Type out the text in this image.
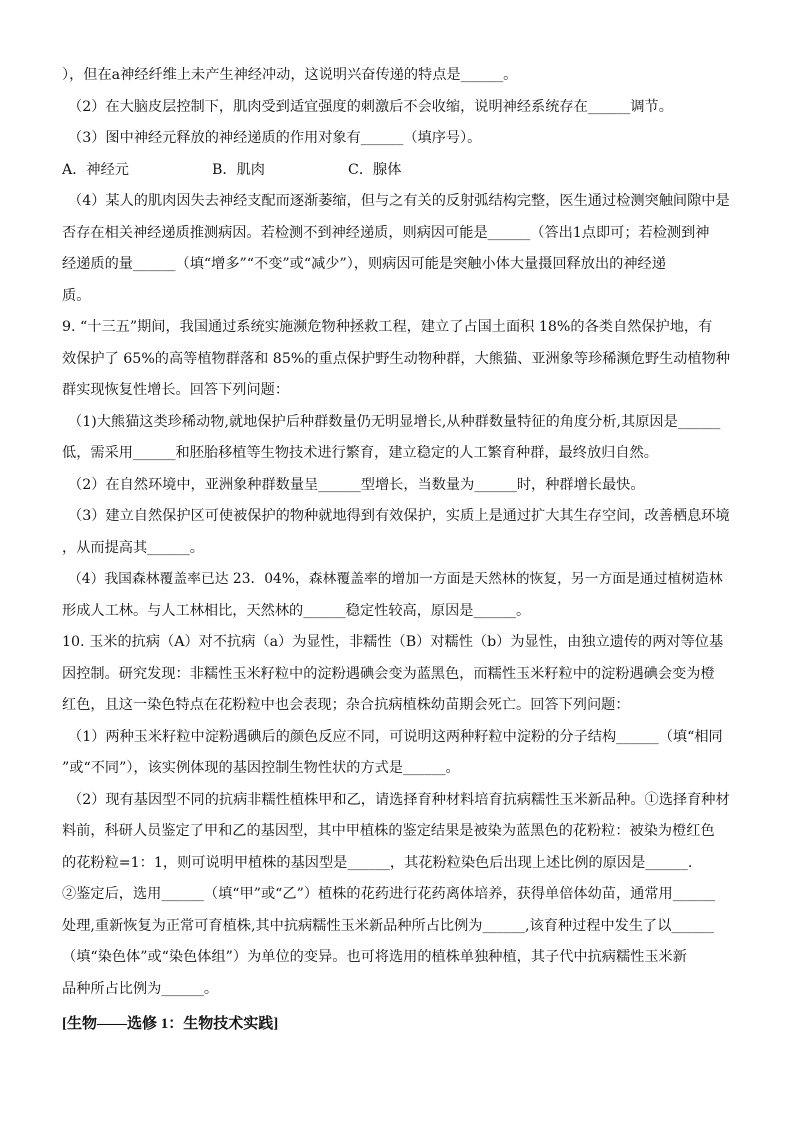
），但在a神经纤维上未产生神经冲动，这说明兴奋传递的特点是______。
（2）在大脑皮层控制下，肌肉受到适宜强度的刺激后不会收缩，说明神经系统存在______调节。
（3）图中神经元释放的神经递质的作用对象有______（填序号）。
A．神经元	B．肌肉	C．腺体
（4）某人的肌肉因失去神经支配而逐渐萎缩，但与之有关的反射弧结构完整，医生通过检测突触间隙中是
否存在相关神经递质推测病因。若检测不到神经递质，则病因可能是______（答出1点即可；若检测到神
经递质的量______（填“增多”“不变”或“减少”），则病因可能是突触小体大量摄回释放出的神经递
质。
9. “十三五”期间，我国通过系统实施濒危物种拯救工程，建立了占国土面积 18%的各类自然保护地，有
效保护了 65%的高等植物群落和 85%的重点保护野生动物种群，大熊猫、亚洲象等珍稀濒危野生动植物种
群实现恢复性增长。回答下列问题：
（1)大熊猫这类珍稀动物,就地保护后种群数量仍无明显增长,从种群数量特征的角度分析,其原因是______
低，需采用______和胚胎移植等生物技术进行繁育，建立稳定的人工繁育种群，最终放归自然。
（2）在自然环境中，亚洲象种群数量呈______型增长，当数量为______时，种群增长最快。
（3）建立自然保护区可使被保护的物种就地得到有效保护，实质上是通过扩大其生存空间，改善栖息环境
，从而提高其______。
（4）我国森林覆盖率已达 23．04%，森林覆盖率的增加一方面是天然林的恢复，另一方面是通过植树造林
形成人工林。与人工林相比，天然林的______稳定性较高，原因是______。
10. 玉米的抗病（A）对不抗病（a）为显性，非糯性（B）对糯性（b）为显性，由独立遗传的两对等位基
因控制。研究发现：非糯性玉米籽粒中的淀粉遇碘会变为蓝黑色，而糯性玉米籽粒中的淀粉遇碘会变为橙
红色，且这一染色特点在花粉粒中也会表现；杂合抗病植株幼苗期会死亡。回答下列问题：
（1）两种玉米籽粒中淀粉遇碘后的颜色反应不同，可说明这两种籽粒中淀粉的分子结构______（填“相同
”或“不同”），该实例体现的基因控制生物性状的方式是______。
（2）现有基因型不同的抗病非糯性植株甲和乙，请选择育种材料培育抗病糯性玉米新品种。①选择育种材
料前，科研人员鉴定了甲和乙的基因型，其中甲植株的鉴定结果是被染为蓝黑色的花粉粒：被染为橙红色
的花粉粒=1：1，则可说明甲植株的基因型是______，其花粉粒染色后出现上述比例的原因是______.
②鉴定后，选用______（填“甲”或“乙”）植株的花药进行花药离体培养，获得单倍体幼苗，通常用______
处理,重新恢复为正常可育植株,其中抗病糯性玉米新品种所占比例为______,该育种过程中发生了以______
（填“染色体”或“染色体组”）为单位的变异。也可将选用的植株单独种植，其子代中抗病糯性玉米新
品种所占比例为______。
[生物——选修 1：生物技术实践]
